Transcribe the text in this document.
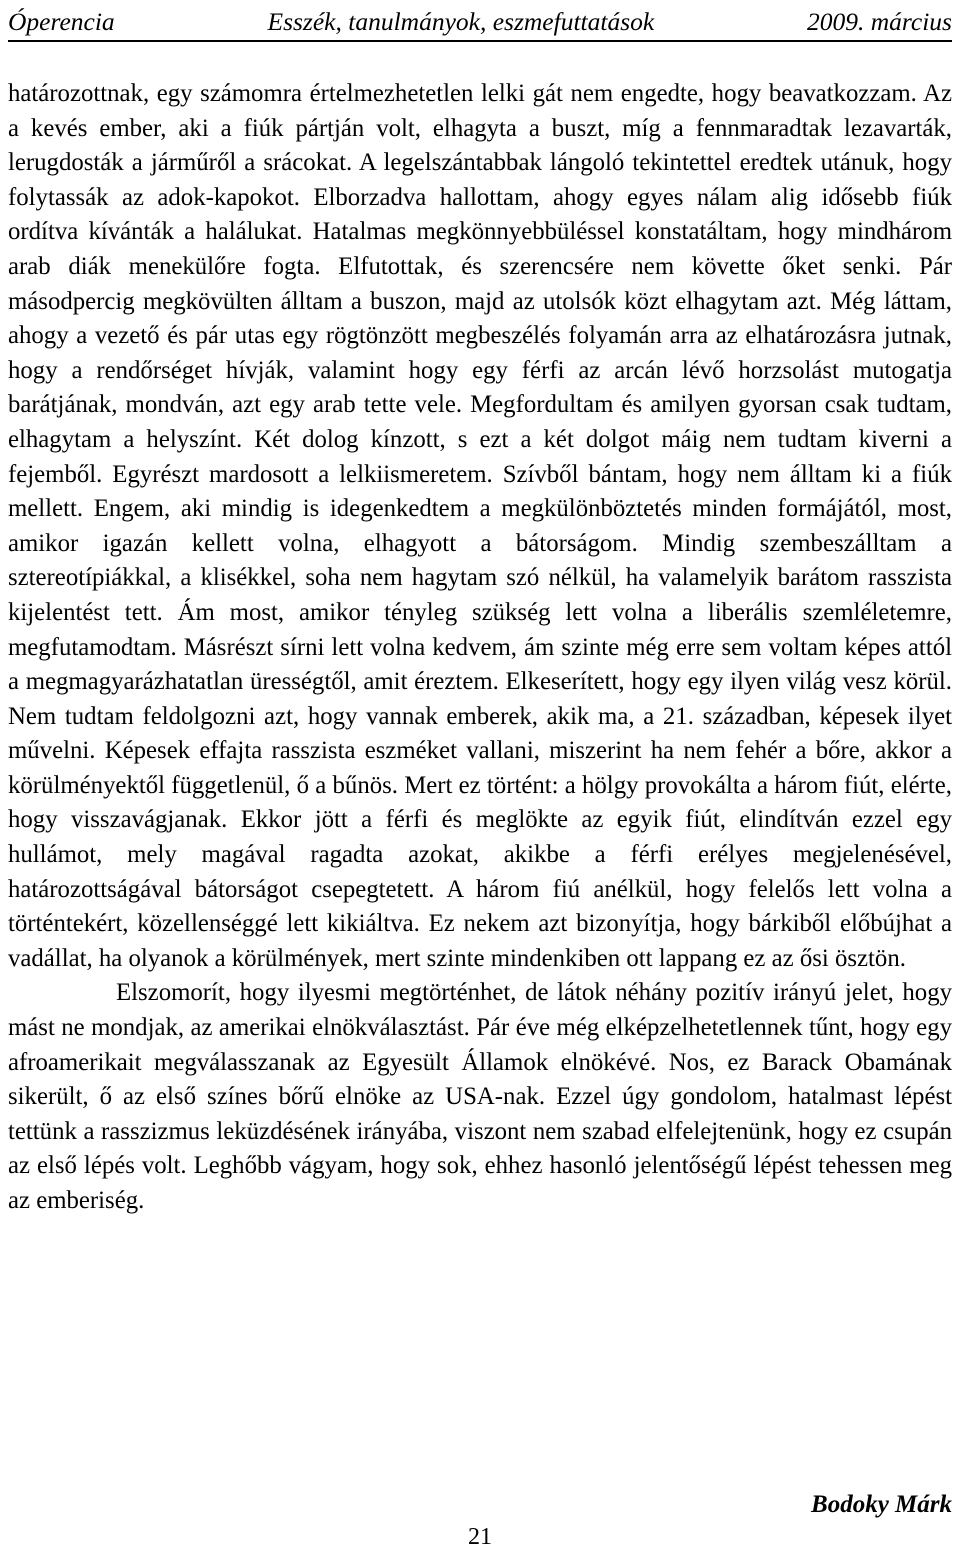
Óperencia	Esszék, tanulmányok, eszmefuttatások	2009. március

határozottnak, egy számomra értelmezhetetlen lelki gát nem engedte, hogy beavatkozzam. Az a kevés ember, aki a fiúk pártján volt, elhagyta a buszt, míg a fennmaradtak lezavarták, lerugdosták a járműről a srácokat. A legelszántabbak lángoló tekintettel eredtek utánuk, hogy folytassák az adok-kapokot. Elborzadva hallottam, ahogy egyes nálam alig idősebb fiúk ordítva kívánták a halálukat. Hatalmas megkönnyebbüléssel konstatáltam, hogy mindhárom arab diák menekülőre fogta. Elfutottak, és szerencsére nem követte őket senki. Pár másodpercig megkövülten álltam a buszon, majd az utolsók közt elhagytam azt. Még láttam, ahogy a vezető és pár utas egy rögtönzött megbeszélés folyamán arra az elhatározásra jutnak, hogy a rendőrséget hívják, valamint hogy egy férfi az arcán lévő horzsolást mutogatja barátjának, mondván, azt egy arab tette vele. Megfordultam és amilyen gyorsan csak tudtam, elhagytam a helyszínt. Két dolog kínzott, s ezt a két dolgot máig nem tudtam kiverni a fejemből. Egyrészt mardosott a lelkiismeretem. Szívből bántam, hogy nem álltam ki a fiúk mellett. Engem, aki mindig is idegenkedtem a megkülönböztetés minden formájától, most, amikor igazán kellett volna, elhagyott a bátorságom. Mindig szembeszálltam a sztereotípiákkal, a klisékkel, soha nem hagytam szó nélkül, ha valamelyik barátom rasszista kijelentést tett. Ám most, amikor tényleg szükség lett volna a liberális szemléletemre, megfutamodtam. Másrészt sírni lett volna kedvem, ám szinte még erre sem voltam képes attól a megmagyarázhatatlan ürességtől, amit éreztem. Elkeserített, hogy egy ilyen világ vesz körül. Nem tudtam feldolgozni azt, hogy vannak emberek, akik ma, a 21. században, képesek ilyet művelni. Képesek effajta rasszista eszméket vallani, miszerint ha nem fehér a bőre, akkor a körülményektől függetlenül, ő a bűnös. Mert ez történt: a hölgy provokálta a három fiút, elérte, hogy visszavágjanak. Ekkor jött a férfi és meglökte az egyik fiút, elindítván ezzel egy hullámot, mely magával ragadta azokat, akikbe a férfi erélyes megjelenésével, határozottságával bátorságot csepegtetett. A három fiú anélkül, hogy felelős lett volna a történtekért, közellenséggé lett kikiáltva. Ez nekem azt bizonyítja, hogy bárkiből előbújhat a vadállat, ha olyanok a körülmények, mert szinte mindenkiben ott lappang ez az ősi ösztön.

Elszomorít, hogy ilyesmi megtörténhet, de látok néhány pozitív irányú jelet, hogy mást ne mondjak, az amerikai elnökválasztást. Pár éve még elképzelhetetlennek tűnt, hogy egy afroamerikait megválasszanak az Egyesült Államok elnökévé. Nos, ez Barack Obamának sikerült, ő az első színes bőrű elnöke az USA-nak. Ezzel úgy gondolom, hatalmast lépést tettünk a rasszizmus leküzdésének irányába, viszont nem szabad elfelejtenünk, hogy ez csupán az első lépés volt. Leghőbb vágyam, hogy sok, ehhez hasonló jelentőségű lépést tehessen meg az emberiség.

Bodoky Márk
21
